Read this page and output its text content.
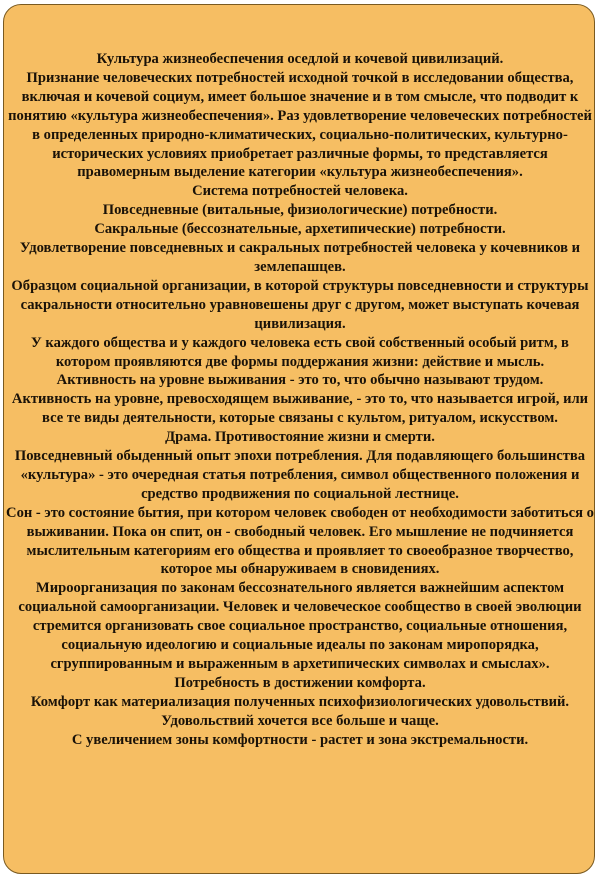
Культура жизнеобеспечения оседлой и кочевой цивилизаций.

Признание человеческих потребностей исходной точкой в исследовании общества, включая и кочевой социум, имеет большое значение и в том смысле, что подводит к понятию «культура жизнеобеспечения». Раз удовлетворение человеческих потребностей в определенных природно-климатических, социально-политических, культурно-исторических условиях приобретает различные формы, то представляется правомерным выделение категории «культура жизнеобеспечения».

Система потребностей человека.

Повседневные (витальные, физиологические) потребности.

Сакральные (бессознательные, архетипические) потребности.

Удовлетворение повседневных и сакральных потребностей человека у кочевников и землепашцев.

Образцом социальной организации, в которой структуры повседневности и структуры сакральности относительно уравновешены друг с другом, может выступать кочевая цивилизация.

У каждого общества и у каждого человека есть свой собственный особый ритм, в котором проявляются две формы поддержания жизни: действие и мысль.

Активность на уровне выживания - это то, что обычно называют трудом.

Активность на уровне, превосходящем выживание, - это то, что называется игрой, или все те виды деятельности, которые связаны с культом, ритуалом, искусством.

Драма. Противостояние жизни и смерти.

Повседневный обыденный опыт эпохи потребления. Для подавляющего большинства «культура» - это очередная статья потребления, символ общественного положения и средство продвижения по социальной лестнице.

Сон - это состояние бытия, при котором человек свободен от необходимости заботиться о выживании. Пока он спит, он - свободный человек. Его мышление не подчиняется мыслительным категориям его общества и проявляет то своеобразное творчество, которое мы обнаруживаем в сновидениях.

Мироорганизация по законам бессознательного является важнейшим аспектом социальной самоорганизации. Человек и человеческое сообщество в своей эволюции стремится организовать свое социальное пространство, социальные отношения, социальную идеологию и социальные идеалы по законам миропорядка, сгруппированным и выраженным в архетипических символах и смыслах».

Потребность в достижении комфорта.

Комфорт как материализация полученных психофизиологических удовольствий. Удовольствий хочется все больше и чаще.

С увеличением зоны комфортности - растет и зона экстремальности.
